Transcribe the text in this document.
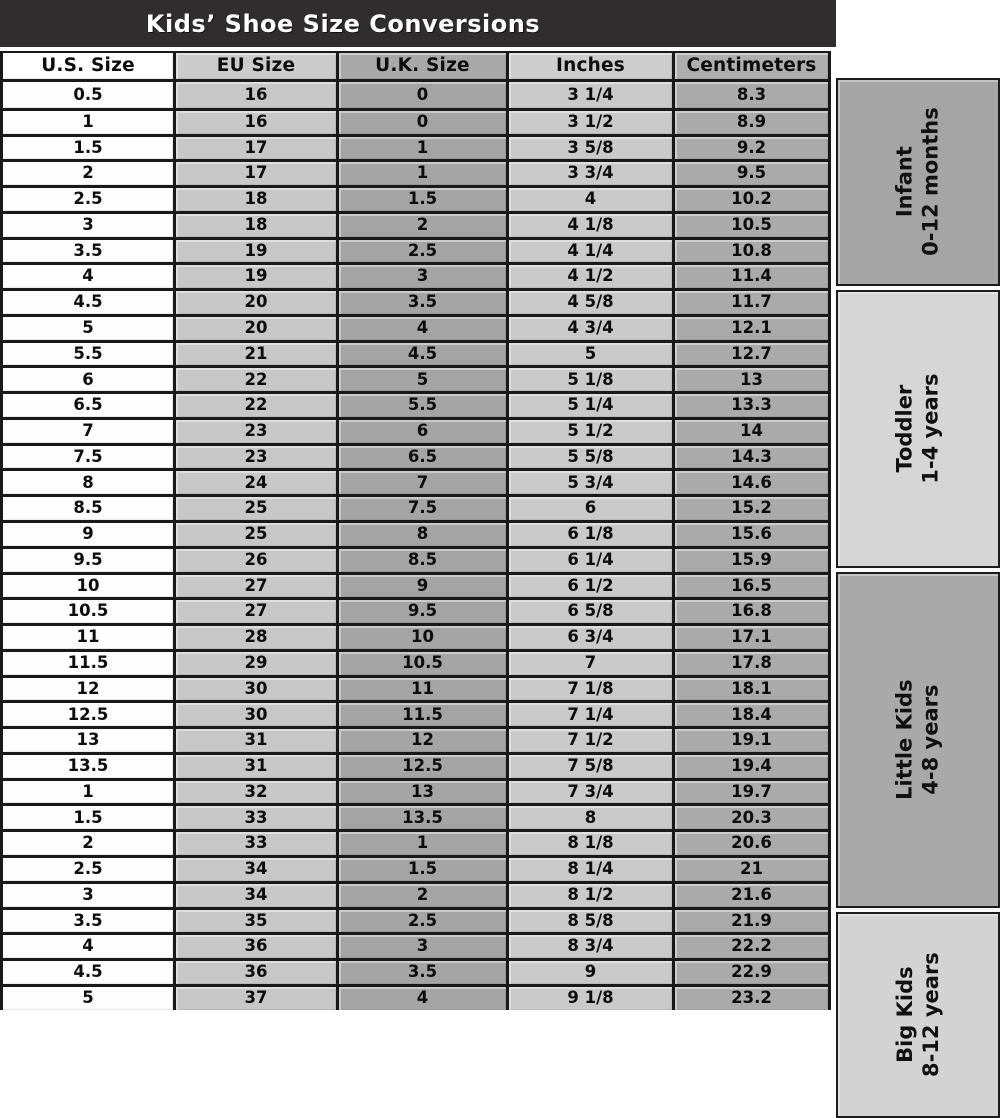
Kids’ Shoe Size Conversions
U.S. Size	EU Size	U.K. Size	Inches	Centimeters
0.5	16	0	3 1/4	8.3
1	16	0	3 1/2	8.9
1.5	17	1	3 5/8	9.2
2	17	1	3 3/4	9.5
2.5	18	1.5	4	10.2
3	18	2	4 1/8	10.5
3.5	19	2.5	4 1/4	10.8
4	19	3	4 1/2	11.4
4.5	20	3.5	4 5/8	11.7
5	20	4	4 3/4	12.1
5.5	21	4.5	5	12.7
6	22	5	5 1/8	13
6.5	22	5.5	5 1/4	13.3
7	23	6	5 1/2	14
7.5	23	6.5	5 5/8	14.3
8	24	7	5 3/4	14.6
8.5	25	7.5	6	15.2
9	25	8	6 1/8	15.6
9.5	26	8.5	6 1/4	15.9
10	27	9	6 1/2	16.5
10.5	27	9.5	6 5/8	16.8
11	28	10	6 3/4	17.1
11.5	29	10.5	7	17.8
12	30	11	7 1/8	18.1
12.5	30	11.5	7 1/4	18.4
13	31	12	7 1/2	19.1
13.5	31	12.5	7 5/8	19.4
1	32	13	7 3/4	19.7
1.5	33	13.5	8	20.3
2	33	1	8 1/8	20.6
2.5	34	1.5	8 1/4	21
3	34	2	8 1/2	21.6
3.5	35	2.5	8 5/8	21.9
4	36	3	8 3/4	22.2
4.5	36	3.5	9	22.9
5	37	4	9 1/8	23.2
Infant 0-12 months
Toddler 1-4 years
Little Kids 4-8 years
Big Kids 8-12 years
